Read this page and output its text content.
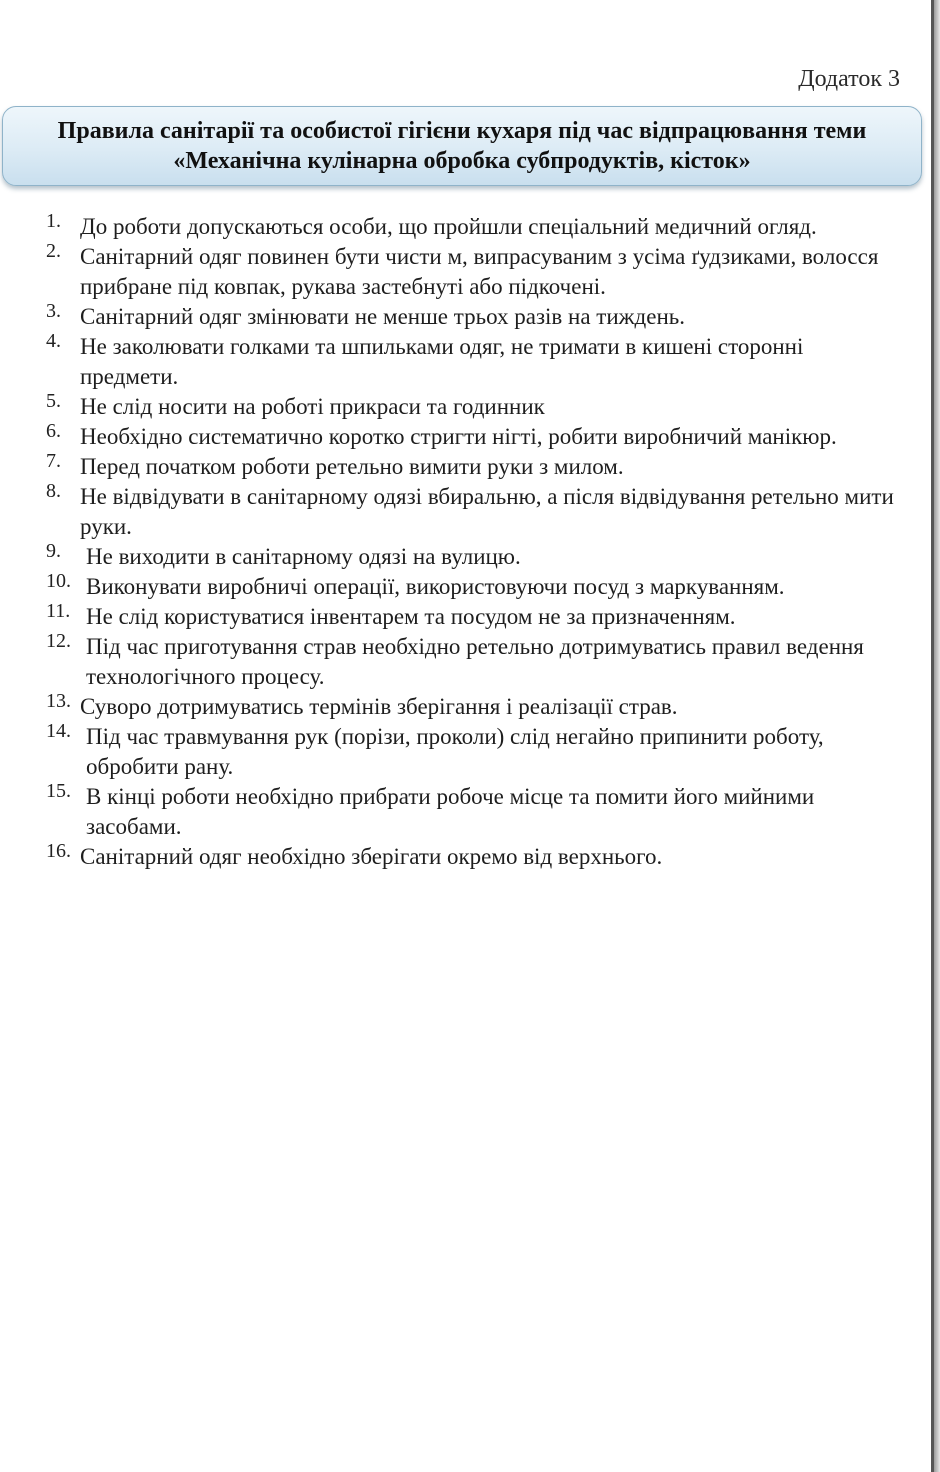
Додаток 3
Правила санітарії та особистої гігієни кухаря під час відпрацювання теми
«Механічна кулінарна обробка субпродуктів, кісток»
1. До роботи допускаються особи, що пройшли спеціальний медичний огляд.
2. Санітарний одяг повинен бути чисти м, випрасуваним з усіма ґудзиками, волосся прибране під ковпак, рукава застебнуті або підкочені.
3. Санітарний одяг змінювати не менше трьох разів на тиждень.
4. Не заколювати голками та шпильками одяг, не тримати в кишені сторонні предмети.
5. Не слід носити на роботі прикраси та годинник
6. Необхідно систематично коротко стригти нігті, робити виробничий манікюр.
7. Перед початком роботи ретельно вимити руки з милом.
8. Не відвідувати в санітарному одязі вбиральню, а після відвідування ретельно мити руки.
9.	Не виходити в санітарному одязі на вулицю.
10. Виконувати виробничі операції, використовуючи посуд з маркуванням.
11. Не слід користуватися інвентарем та посудом не за призначенням.
12. Під час приготування страв необхідно ретельно дотримуватись правил ведення технологічного процесу.
13. Суворо дотримуватись термінів зберігання і реалізації страв.
14. Під час травмування рук (порізи, проколи) слід негайно припинити роботу, обробити рану.
15. В кінці роботи необхідно прибрати робоче місце та помити його мийними засобами.
16. Санітарний одяг необхідно зберігати окремо від верхнього.
